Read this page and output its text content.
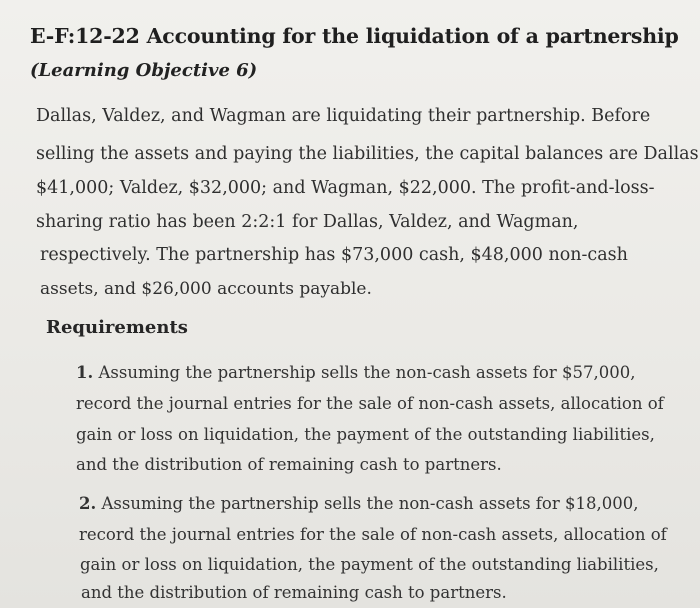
E-F:12-22 Accounting for the liquidation of a partnership
(Learning Objective 6)
Dallas, Valdez, and Wagman are liquidating their partnership. Before
selling the assets and paying the liabilities, the capital balances are Dallas
$41,000; Valdez, $32,000; and Wagman, $22,000. The profit-and-loss-
sharing ratio has been 2:2:1 for Dallas, Valdez, and Wagman,
respectively. The partnership has $73,000 cash, $48,000 non-cash
assets, and $26,000 accounts payable.
Requirements
1. Assuming the partnership sells the non-cash assets for $57,000,
record the journal entries for the sale of non-cash assets, allocation of
gain or loss on liquidation, the payment of the outstanding liabilities,
and the distribution of remaining cash to partners.
2. Assuming the partnership sells the non-cash assets for $18,000,
record the journal entries for the sale of non-cash assets, allocation of
gain or loss on liquidation, the payment of the outstanding liabilities,
and the distribution of remaining cash to partners.
